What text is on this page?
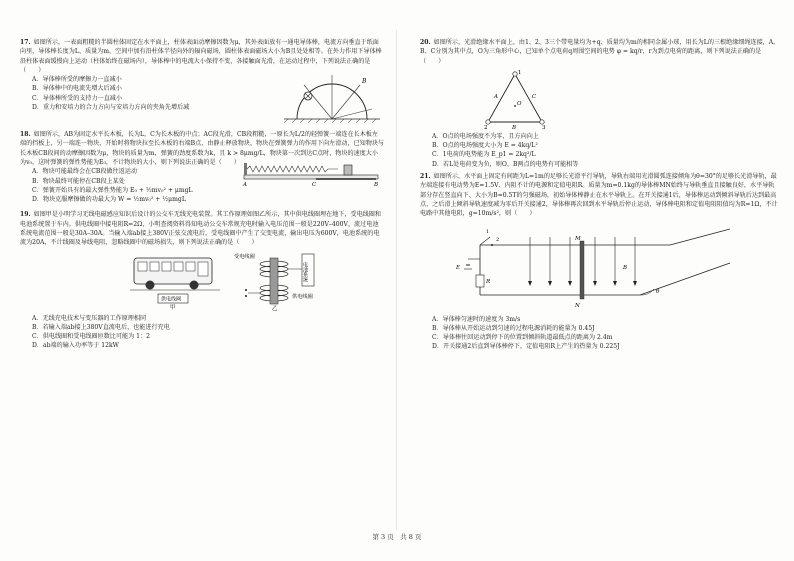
17. 如图所示，一表面粗糙的半圆柱体固定在水平面上，柱体表面动摩擦因数为μ，其外表面放有一通电导体棒，电流方向垂直于纸面向里，导体棒长度为L、质量为m，空间中加有沿柱体半径向外的辐向磁场，圆柱体表面磁场大小为B且处处相等。在外力作用下导体棒沿柱体表面缓慢向上运动（柱体始终在磁场内），导体棒中的电流大小保持不变，各接触面光滑，在运动过程中，下列说法正确的是（　　）
A．导体棒所受的摩擦力一直减小
B．导体棒中的电流先增大后减小
C．导体棒所受的支持力一直减小
D．重力和安培力的合力方向与安培力方向的夹角先增后减
B
18. 如图所示，AB为固定水平长木板，长为L，C为长木板的中点；AC段光滑，CB段粗糙，一原长为L/2的轻弹簧一端连在长木板左端的挡板上，另一端连一物块，开始时将物块拉至长木板的右端B点，由静止释放物块，物块在弹簧弹力的作用下向左滑动，已知物块与长木板CB段间的动摩擦因数为μ，物块的质量为m，弹簧的劲度系数为k，且 k > 8μmg/L，物块第一次到达C点时，物块的速度大小为v₀，这时弹簧的弹性势能为E₀，不计物块的大小，则下列说法正确的是（　　）
A．物块可能最终会在CB段做往返运动
B．物块最终可能停在CB段上某处
C．弹簧开始具有的最大弹性势能为 E₀ + ½mv₀² + μmgL
D．物块克服摩擦做的功最大为 W = ½mv₀² + ½μmgL
A	C	B
19. 如图甲是小明学习无线电磁感应知识后设计的公交车无线充电装置。其工作原理如图乙所示，其中供电线圈埋在地下，受电线圈和电池系统置于车内。供电线圈中接电阻R=2Ω，小明查阅资料得知电动公交车常规充电时输入电压范围一般是220V–400V，流过电池系统电流范围一般是30A–30A。当输入端ab接上380V正弦交流电后，受电线圈中产生了交变电流，输出电压为600V，电池系统的电流为20A，不计线圈及导线电阻，忽略线圈中的磁场损失，则下列说法正确的是（　　）
供电线圈
甲
受电线圈
电池系统
供电线圈
乙
A．无线充电技术与变压器的工作原理相同
B．若输入端ab接上380V直流电后，也能进行充电
C．供电线圈和受电线圈匝数比可能为 1：2
D．ab端的输入功率等于 12kW
20. 如图所示，光滑绝缘水平面上，由1、2、3三个带电量均为+q、质量均为m的相同金属小球，用长为L的三根绝缘细绳连接，A、B、C分别为其中点，O为三角形中心，已知单个点电荷q周围空间的电势 φ = kq/r，r为到点电荷的距离，则下列说法正确的是（　　）
1
2	3
A
B
C
O
A．O点的电场强度不为零，且方向向上
B．O点的电场强度大小为 E = 4kq/L²
C．1电荷的电势能为 E_p1 = 2kq²/L
D．若L处电荷变为负，则O、B两点的电势有可能相等
21. 如图所示，水平面上固定有间距为L=1m的足够长光滑平行导轨，导轨右端用光滑圆弧连接倾角为θ=30°的足够长光滑导轨，最左端连接有电动势为E=1.5V、内阻不计的电源和定值电阻R。质量为m=0.1kg的导体棒MN始终与导轨垂直且接触良好，水平导轨部分存在竖直向下、大小为B=0.5T的匀强磁场，初始导体棒静止在水平导轨上。在开关接通1后，导体棒运动到倾斜导轨后达到最高点，之后滑上倾斜导轨速度减为零后开关接通2，导体棒再次回到水平导轨后停止运动，导体棒电阻和定值电阻阻值均为R=1Ω，不计电路中其他电阻，g=10m/s²，则（　　）
θ
E
R
1
2
B
M
N
A．导体棒匀速时的速度为 3m/s
B．导体棒从开始运动到匀速的过程电源消耗的能量为 0.45J
C．导体棒往回运动到停下的位置到倾斜轨道最低点的距离为 2.4m
D．开关接通2后直到导体棒停下，定值电阻R上产生的热量为 0.225J
第 3 页　共 8 页
